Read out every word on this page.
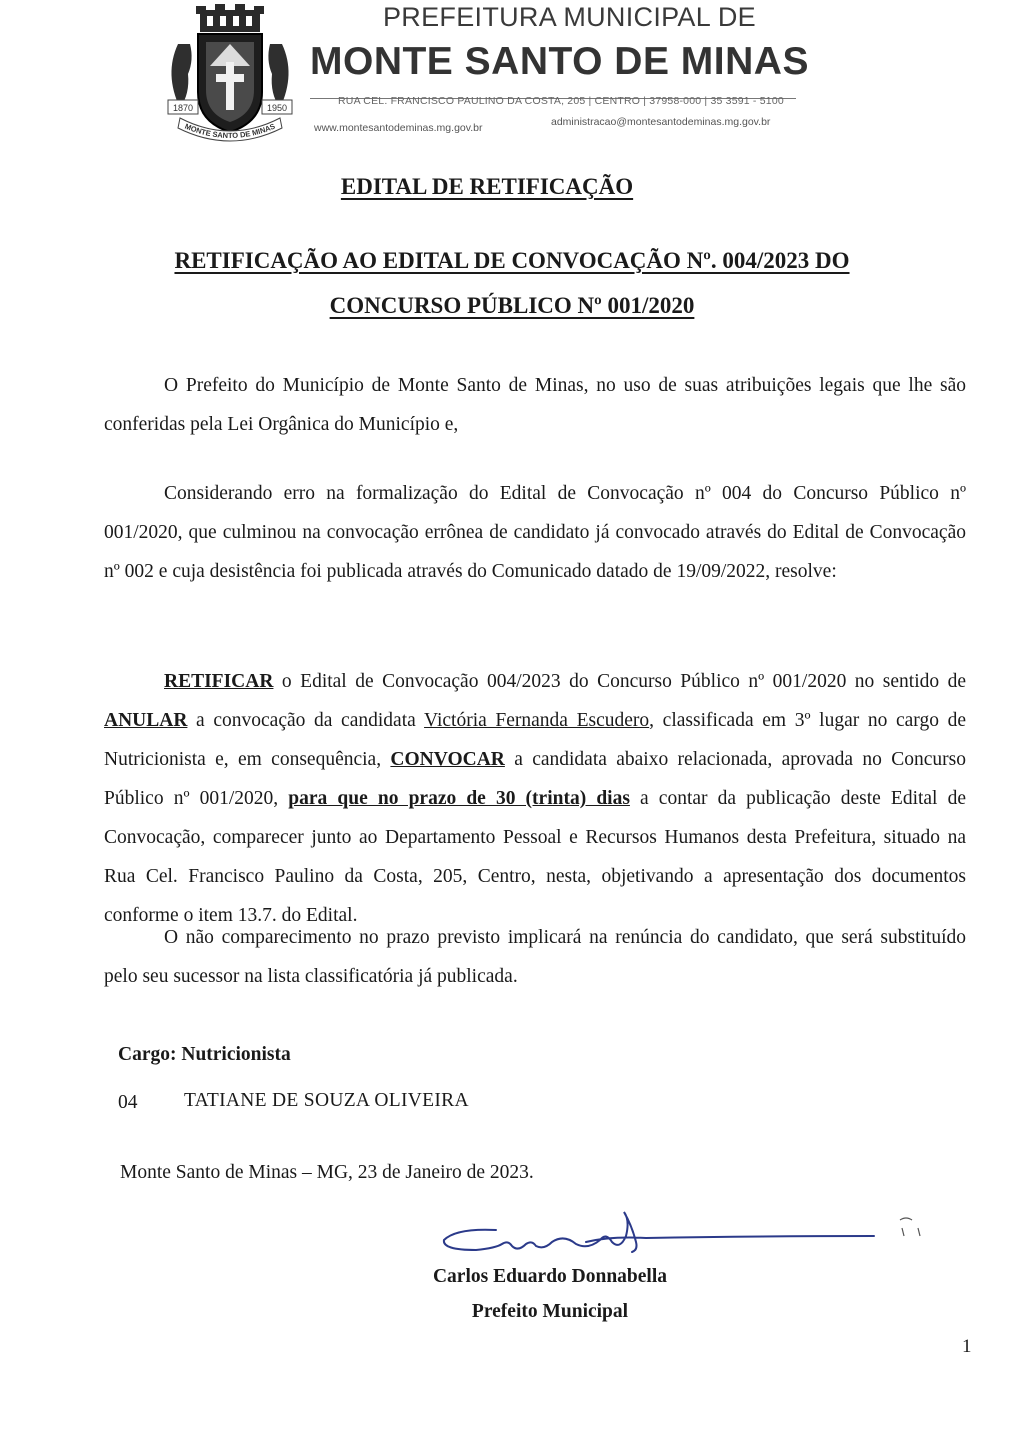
1870	1950
MONTE SANTO DE MINAS
PREFEITURA MUNICIPAL DE
MONTE SANTO DE MINAS
RUA CEL. FRANCISCO PAULINO DA COSTA, 205 | CENTRO | 37958-000 | 35 3591 - 5100
www.montesantodeminas.mg.gov.br	administracao@montesantodeminas.mg.gov.br
EDITAL DE RETIFICAÇÃO
RETIFICAÇÃO AO EDITAL DE CONVOCAÇÃO Nº. 004/2023 DO
CONCURSO PÚBLICO Nº 001/2020

O Prefeito do Município de Monte Santo de Minas, no uso de suas atribuições legais que lhe são conferidas pela Lei Orgânica do Município e,

Considerando erro na formalização do Edital de Convocação nº 004 do Concurso Público nº 001/2020, que culminou na convocação errônea de candidato já convocado através do Edital de Convocação nº 002 e cuja desistência foi publicada através do Comunicado datado de 19/09/2022, resolve:

RETIFICAR o Edital de Convocação 004/2023 do Concurso Público nº 001/2020 no sentido de ANULAR a convocação da candidata Victória Fernanda Escudero, classificada em 3º lugar no cargo de Nutricionista e, em consequência, CONVOCAR a candidata abaixo relacionada, aprovada no Concurso Público nº 001/2020, para que no prazo de 30 (trinta) dias a contar da publicação deste Edital de Convocação, comparecer junto ao Departamento Pessoal e Recursos Humanos desta Prefeitura, situado na Rua Cel. Francisco Paulino da Costa, 205, Centro, nesta, objetivando a apresentação dos documentos conforme o item 13.7. do Edital.

O não comparecimento no prazo previsto implicará na renúncia do candidato, que será substituído pelo seu sucessor na lista classificatória já publicada.

Cargo: Nutricionista
04 TATIANE DE SOUZA OLIVEIRA
Monte Santo de Minas – MG, 23 de Janeiro de 2023.
Carlos Eduardo Donnabella
Prefeito Municipal
1
